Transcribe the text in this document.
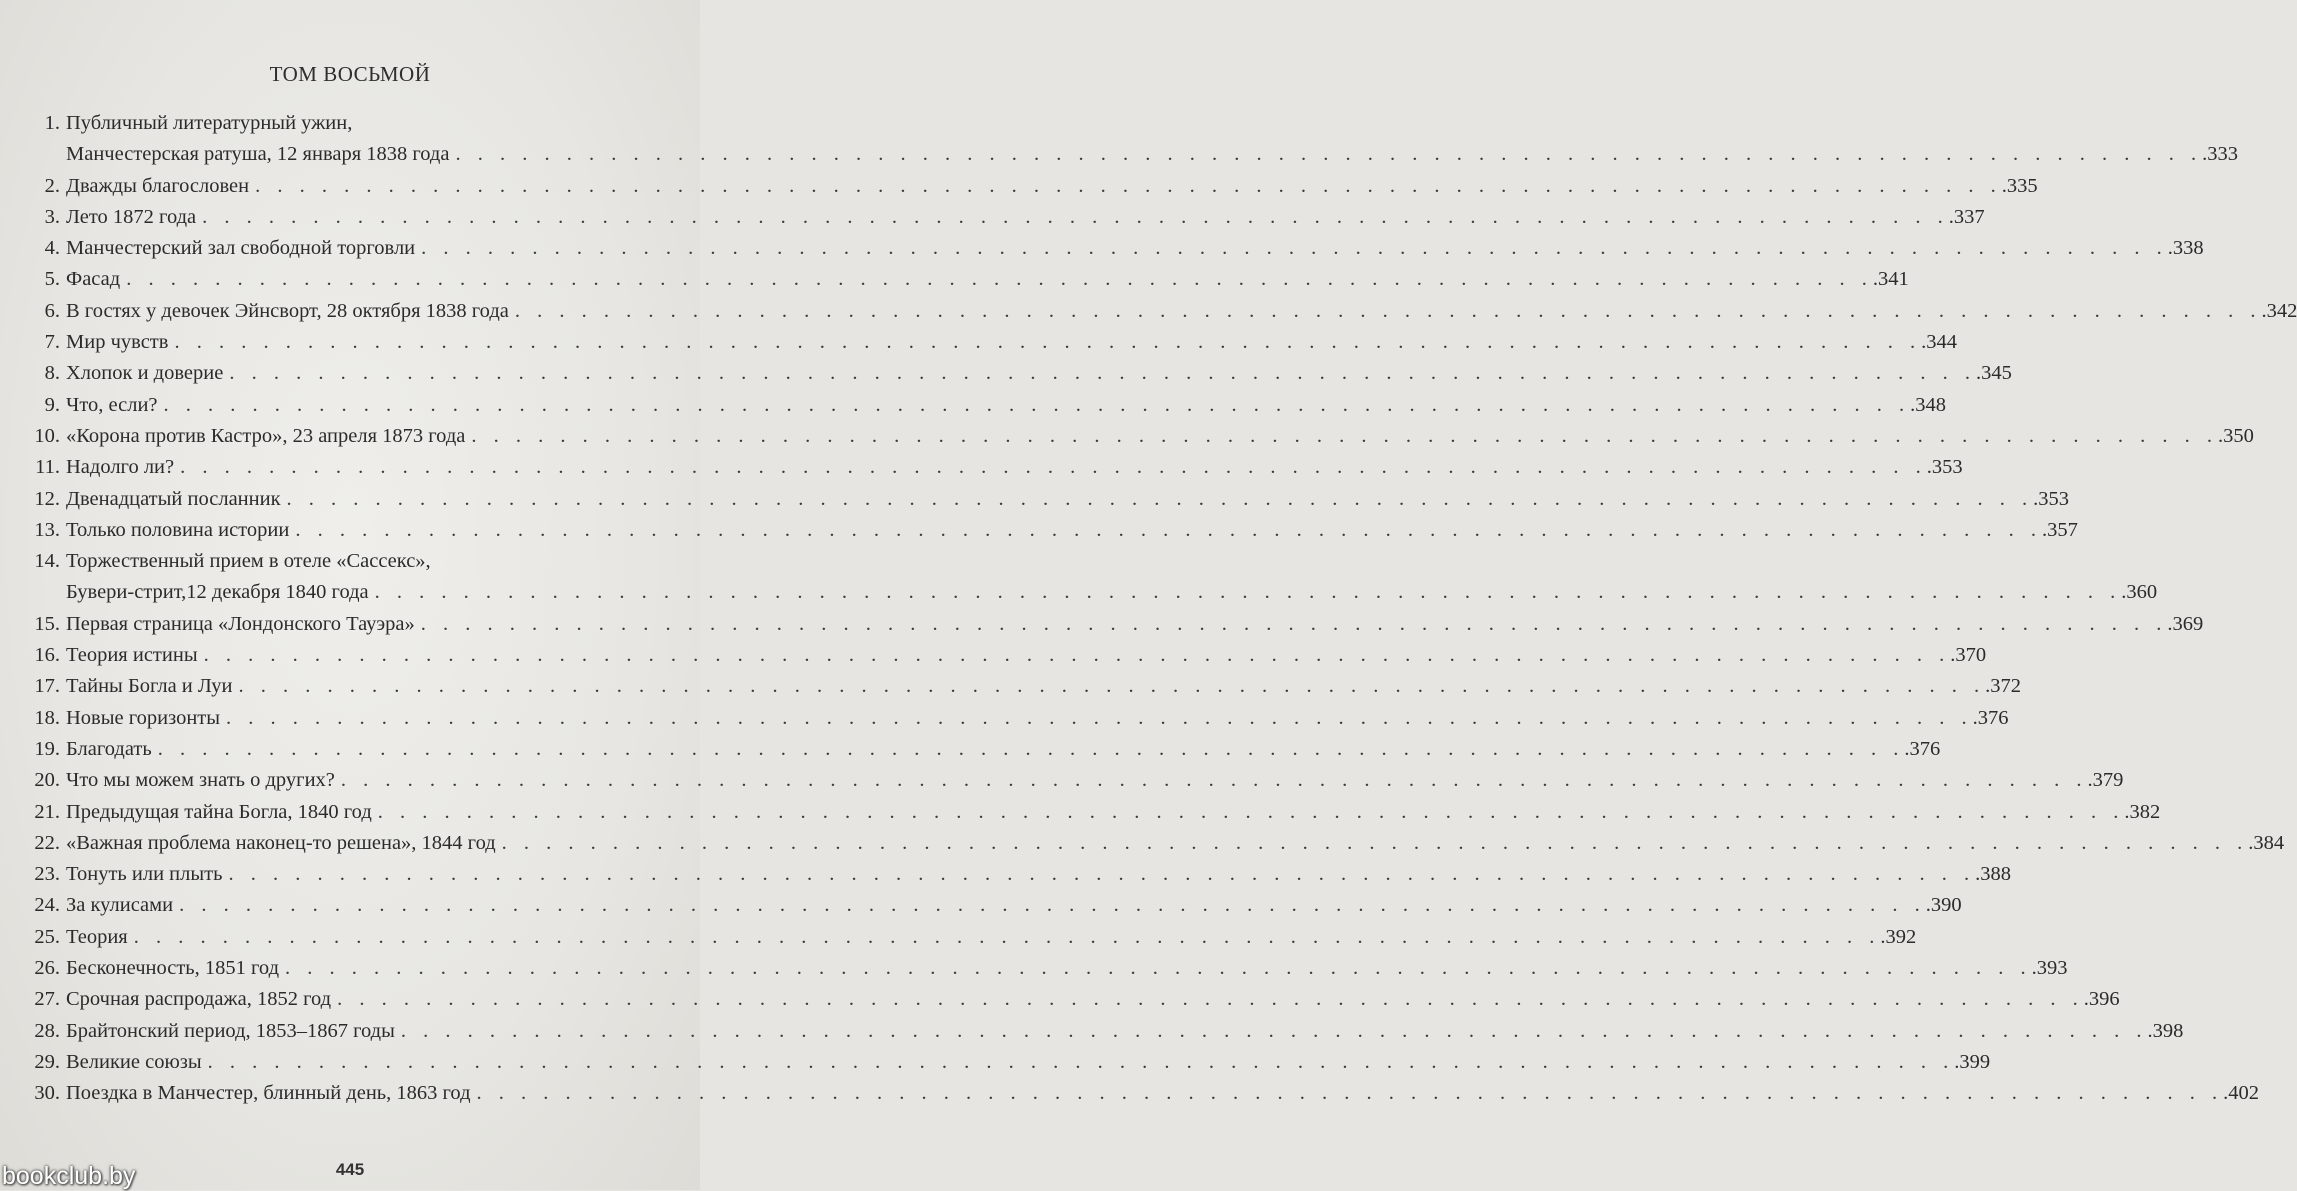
ТОМ ВОСЬМОЙ
1. Публичный литературный ужин,
Манчестерская ратуша, 12 января 1838 года . . .	.333
2. Дважды благословен . . .	.335
3. Лето 1872 года . . .	.337
4. Манчестерский зал свободной торговли . . .	.338
5. Фасад . . .	.341
6. В гостях у девочек Эйнсворт, 28 октября 1838 года . . .	.342
7. Мир чувств . . .	.344
8. Хлопок и доверие . . .	.345
9. Что, если? . . .	.348
10. «Корона против Кастро», 23 апреля 1873 года . . .	.350
11. Надолго ли? . . .	.353
12. Двенадцатый посланник . . .	.353
13. Только половина истории . . .	.357
14. Торжественный прием в отеле «Сассекс»,
Бувери-стрит,12 декабря 1840 года . . .	.360
15. Первая страница «Лондонского Тауэра» . . .	.369
16. Теория истины . . .	.370
17. Тайны Богла и Луи . . .	.372
18. Новые горизонты . . .	.376
19. Благодать . . .	.376
20. Что мы можем знать о других? . . .	.379
21. Предыдущая тайна Богла, 1840 год . . .	.382
22. «Важная проблема наконец-то решена», 1844 год . . .	.384
23. Тонуть или плыть . . .	.388
24. За кулисами . . .	.390
25. Теория . . .	.392
26. Бесконечность, 1851 год . . .	.393
27. Срочная распродажа, 1852 год . . .	.396
28. Брайтонский период, 1853–1867 годы . . .	.398
29. Великие союзы . . .	.399
30. Поездка в Манчестер, блинный день, 1863 год . . .	.402
445
bookclub.by
